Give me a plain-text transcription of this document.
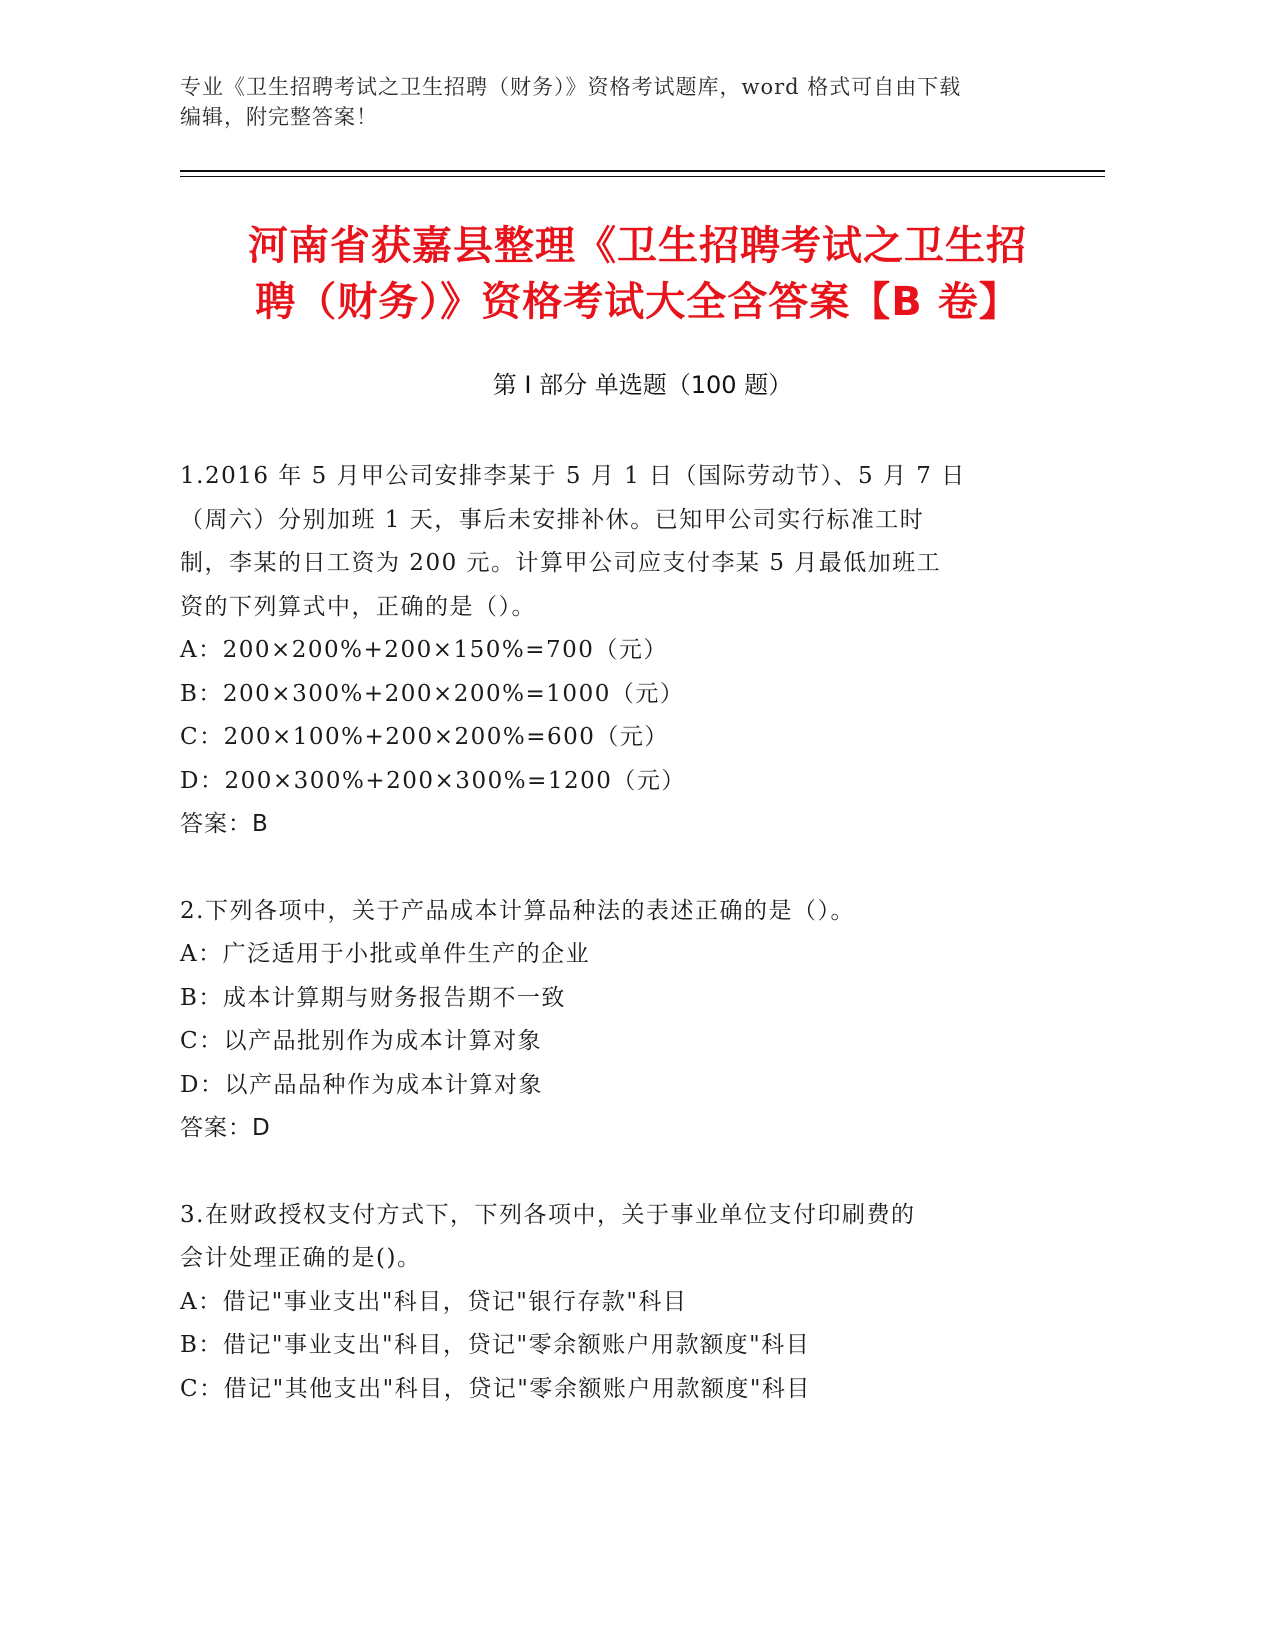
专业《卫生招聘考试之卫生招聘（财务）》资格考试题库，word 格式可自由下载
编辑，附完整答案！
河南省获嘉县整理《卫生招聘考试之卫生招
聘（财务）》资格考试大全含答案【B 卷】
第 I 部分 单选题（100 题）
1.2016 年 5 月甲公司安排李某于 5 月 1 日（国际劳动节）、5 月 7 日
（周六）分别加班 1 天，事后未安排补休。已知甲公司实行标准工时
制，李某的日工资为 200 元。计算甲公司应支付李某 5 月最低加班工
资的下列算式中，正确的是（）。
A：200×200%+200×150%=700（元）
B：200×300%+200×200%=1000（元）
C：200×100%+200×200%=600（元）
D：200×300%+200×300%=1200（元）
答案：B
2.下列各项中，关于产品成本计算品种法的表述正确的是（）。
A：广泛适用于小批或单件生产的企业
B：成本计算期与财务报告期不一致
C：以产品批别作为成本计算对象
D：以产品品种作为成本计算对象
答案：D
3.在财政授权支付方式下，下列各项中，关于事业单位支付印刷费的
会计处理正确的是()。
A：借记"事业支出"科目，贷记"银行存款"科目
B：借记"事业支出"科目，贷记"零余额账户用款额度"科目
C：借记"其他支出"科目，贷记"零余额账户用款额度"科目
